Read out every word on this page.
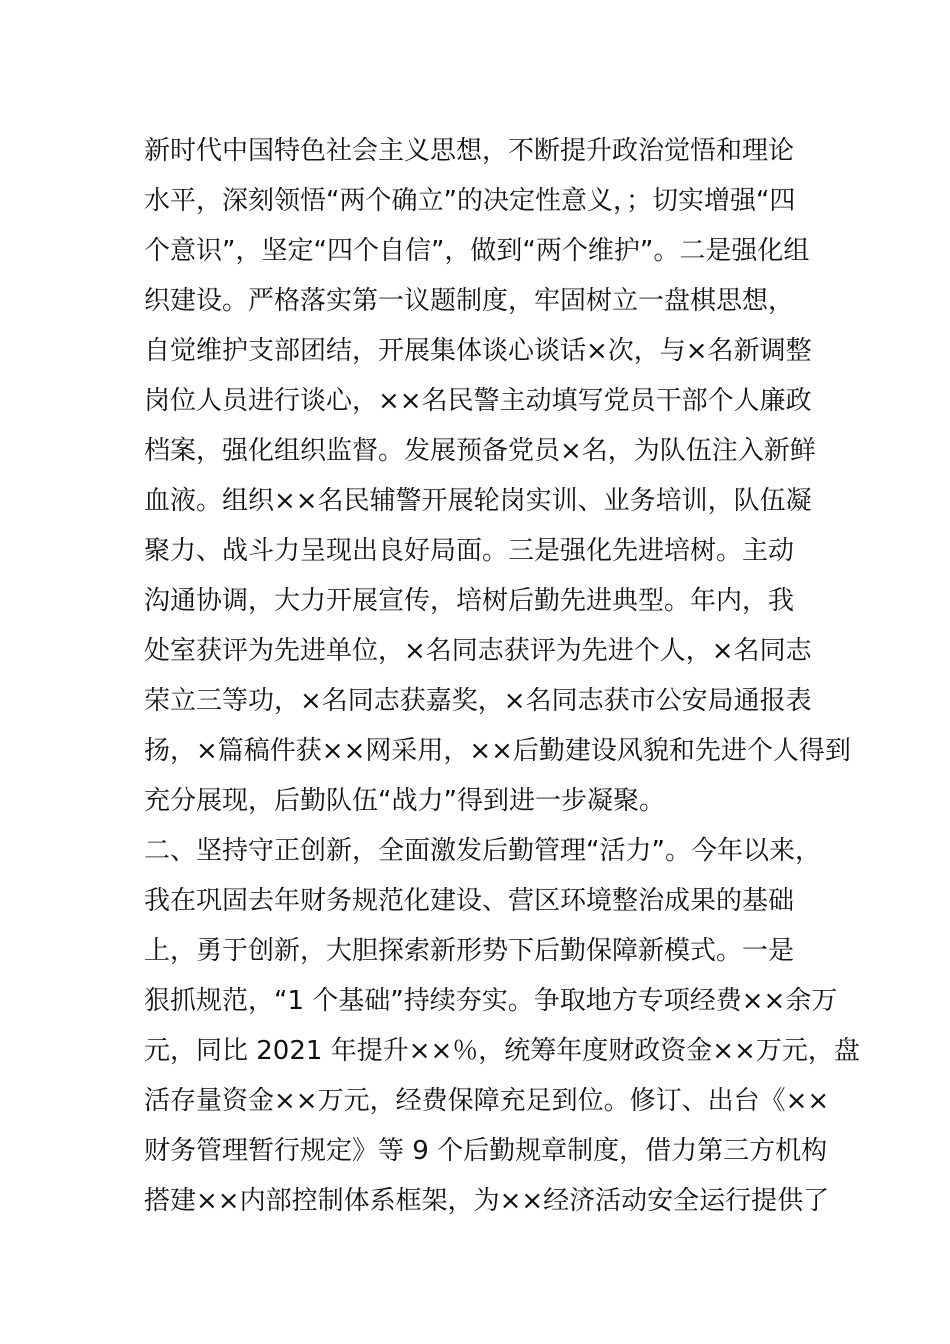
新时代中国特色社会主义思想，不断提升政治觉悟和理论
水平，深刻领悟“两个确立”的决定性意义，；切实增强“四
个意识”，坚定“四个自信”，做到“两个维护”。二是强化组
织建设。严格落实第一议题制度，牢固树立一盘棋思想，
自觉维护支部团结，开展集体谈心谈话×次，与×名新调整
岗位人员进行谈心，××名民警主动填写党员干部个人廉政
档案，强化组织监督。发展预备党员×名，为队伍注入新鲜
血液。组织××名民辅警开展轮岗实训、业务培训，队伍凝
聚力、战斗力呈现出良好局面。三是强化先进培树。主动
沟通协调，大力开展宣传，培树后勤先进典型。年内，我
处室获评为先进单位，×名同志获评为先进个人，×名同志
荣立三等功，×名同志获嘉奖，×名同志获市公安局通报表
扬，×篇稿件获××网采用，××后勤建设风貌和先进个人得到
充分展现，后勤队伍“战力”得到进一步凝聚。
二、坚持守正创新，全面激发后勤管理“活力”。今年以来，
我在巩固去年财务规范化建设、营区环境整治成果的基础
上，勇于创新，大胆探索新形势下后勤保障新模式。一是
狠抓规范，“1 个基础”持续夯实。争取地方专项经费××余万
元，同比 2021 年提升××％，统筹年度财政资金××万元，盘
活存量资金××万元，经费保障充足到位。修订、出台《××
财务管理暂行规定》等 9 个后勤规章制度，借力第三方机构
搭建××内部控制体系框架，为××经济活动安全运行提供了
